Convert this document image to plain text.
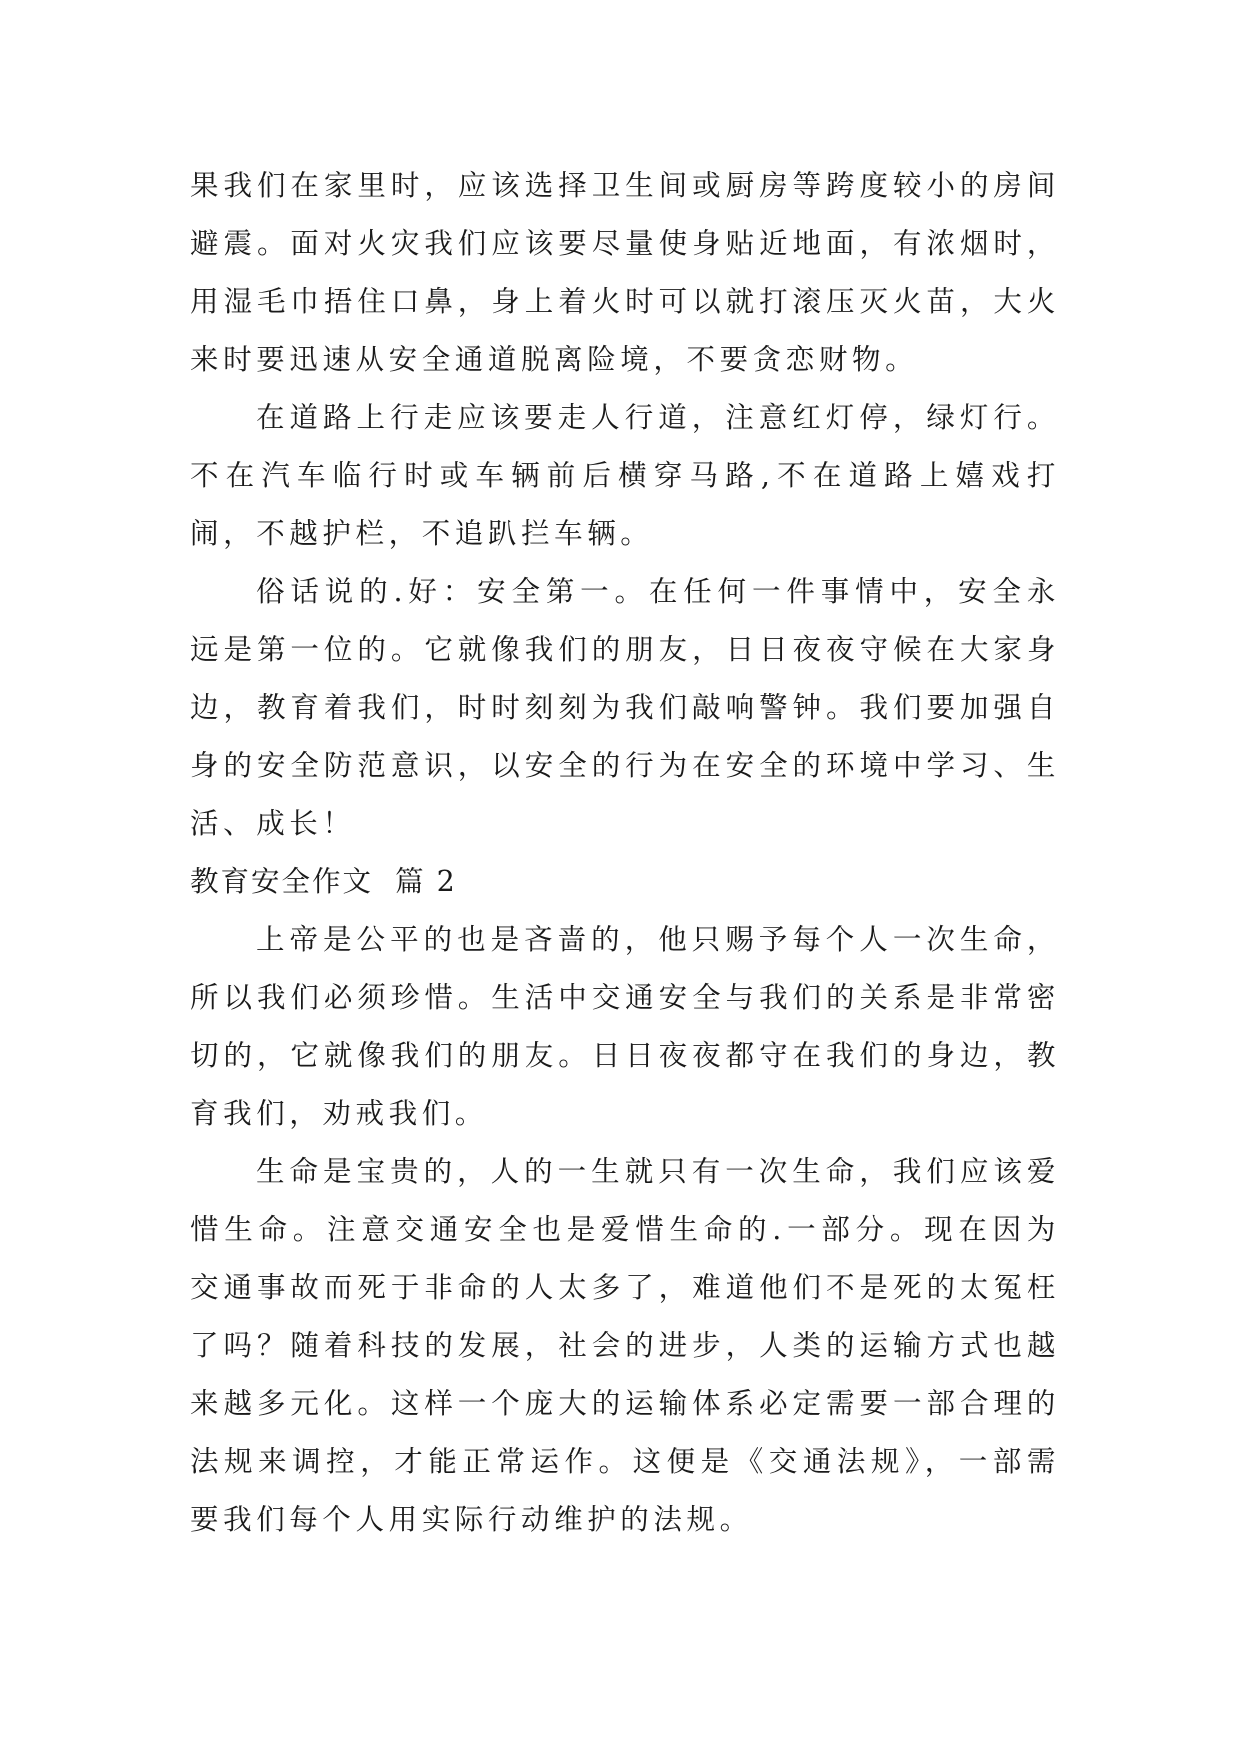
果我们在家里时，应该选择卫生间或厨房等跨度较小的房间避震。面对火灾我们应该要尽量使身贴近地面，有浓烟时，用湿毛巾捂住口鼻，身上着火时可以就打滚压灭火苗，大火来时要迅速从安全通道脱离险境，不要贪恋财物。

在道路上行走应该要走人行道，注意红灯停，绿灯行。不在汽车临行时或车辆前后横穿马路,不在道路上嬉戏打闹，不越护栏，不追趴拦车辆。

俗话说的.好：安全第一。在任何一件事情中，安全永远是第一位的。它就像我们的朋友，日日夜夜守候在大家身边，教育着我们，时时刻刻为我们敲响警钟。我们要加强自身的安全防范意识，以安全的行为在安全的环境中学习、生活、成长！

教育安全作文  篇 2

上帝是公平的也是吝啬的，他只赐予每个人一次生命，所以我们必须珍惜。生活中交通安全与我们的关系是非常密切的，它就像我们的朋友。日日夜夜都守在我们的身边，教育我们，劝戒我们。

生命是宝贵的，人的一生就只有一次生命，我们应该爱惜生命。注意交通安全也是爱惜生命的.一部分。现在因为交通事故而死于非命的人太多了，难道他们不是死的太冤枉了吗？随着科技的发展，社会的进步，人类的运输方式也越来越多元化。这样一个庞大的运输体系必定需要一部合理的法规来调控，才能正常运作。这便是《交通法规》，一部需要我们每个人用实际行动维护的法规。
